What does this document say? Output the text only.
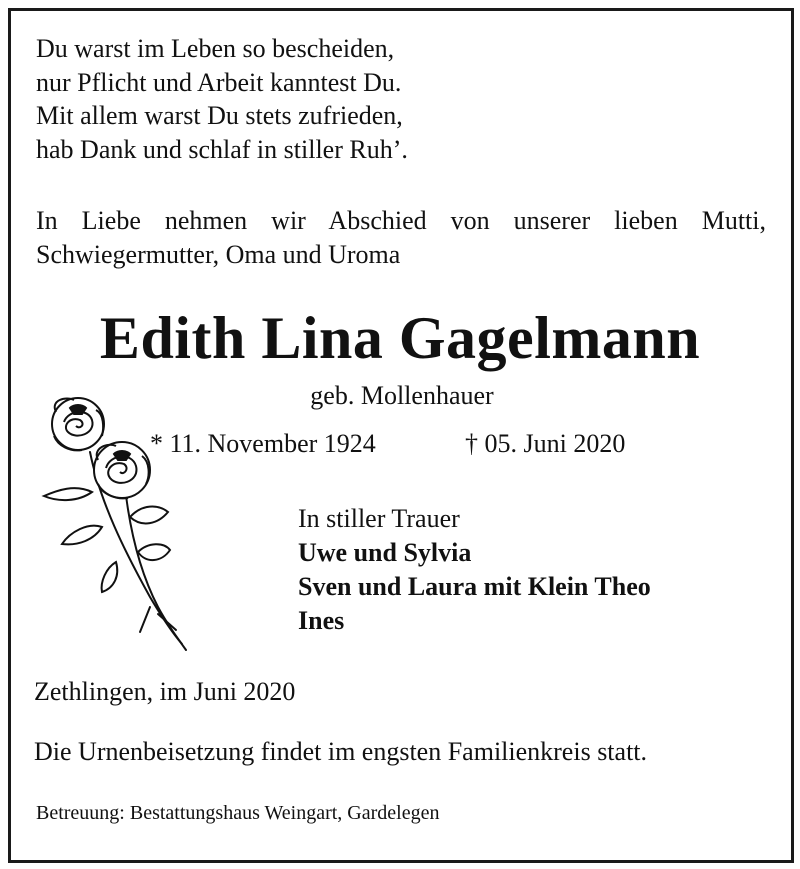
Du warst im Leben so bescheiden,
nur Pflicht und Arbeit kanntest Du.
Mit allem warst Du stets zufrieden,
hab Dank und schlaf in stiller Ruh’.
In Liebe nehmen wir Abschied von unserer lieben Mutti,
Schwiegermutter, Oma und Uroma
Edith Lina Gagelmann
geb. Mollenhauer
* 11. November 1924	† 05. Juni 2020
In stiller Trauer
Uwe und Sylvia
Sven und Laura mit Klein Theo
Ines
Zethlingen, im Juni 2020
Die Urnenbeisetzung findet im engsten Familienkreis statt.
Betreuung: Bestattungshaus Weingart, Gardelegen
